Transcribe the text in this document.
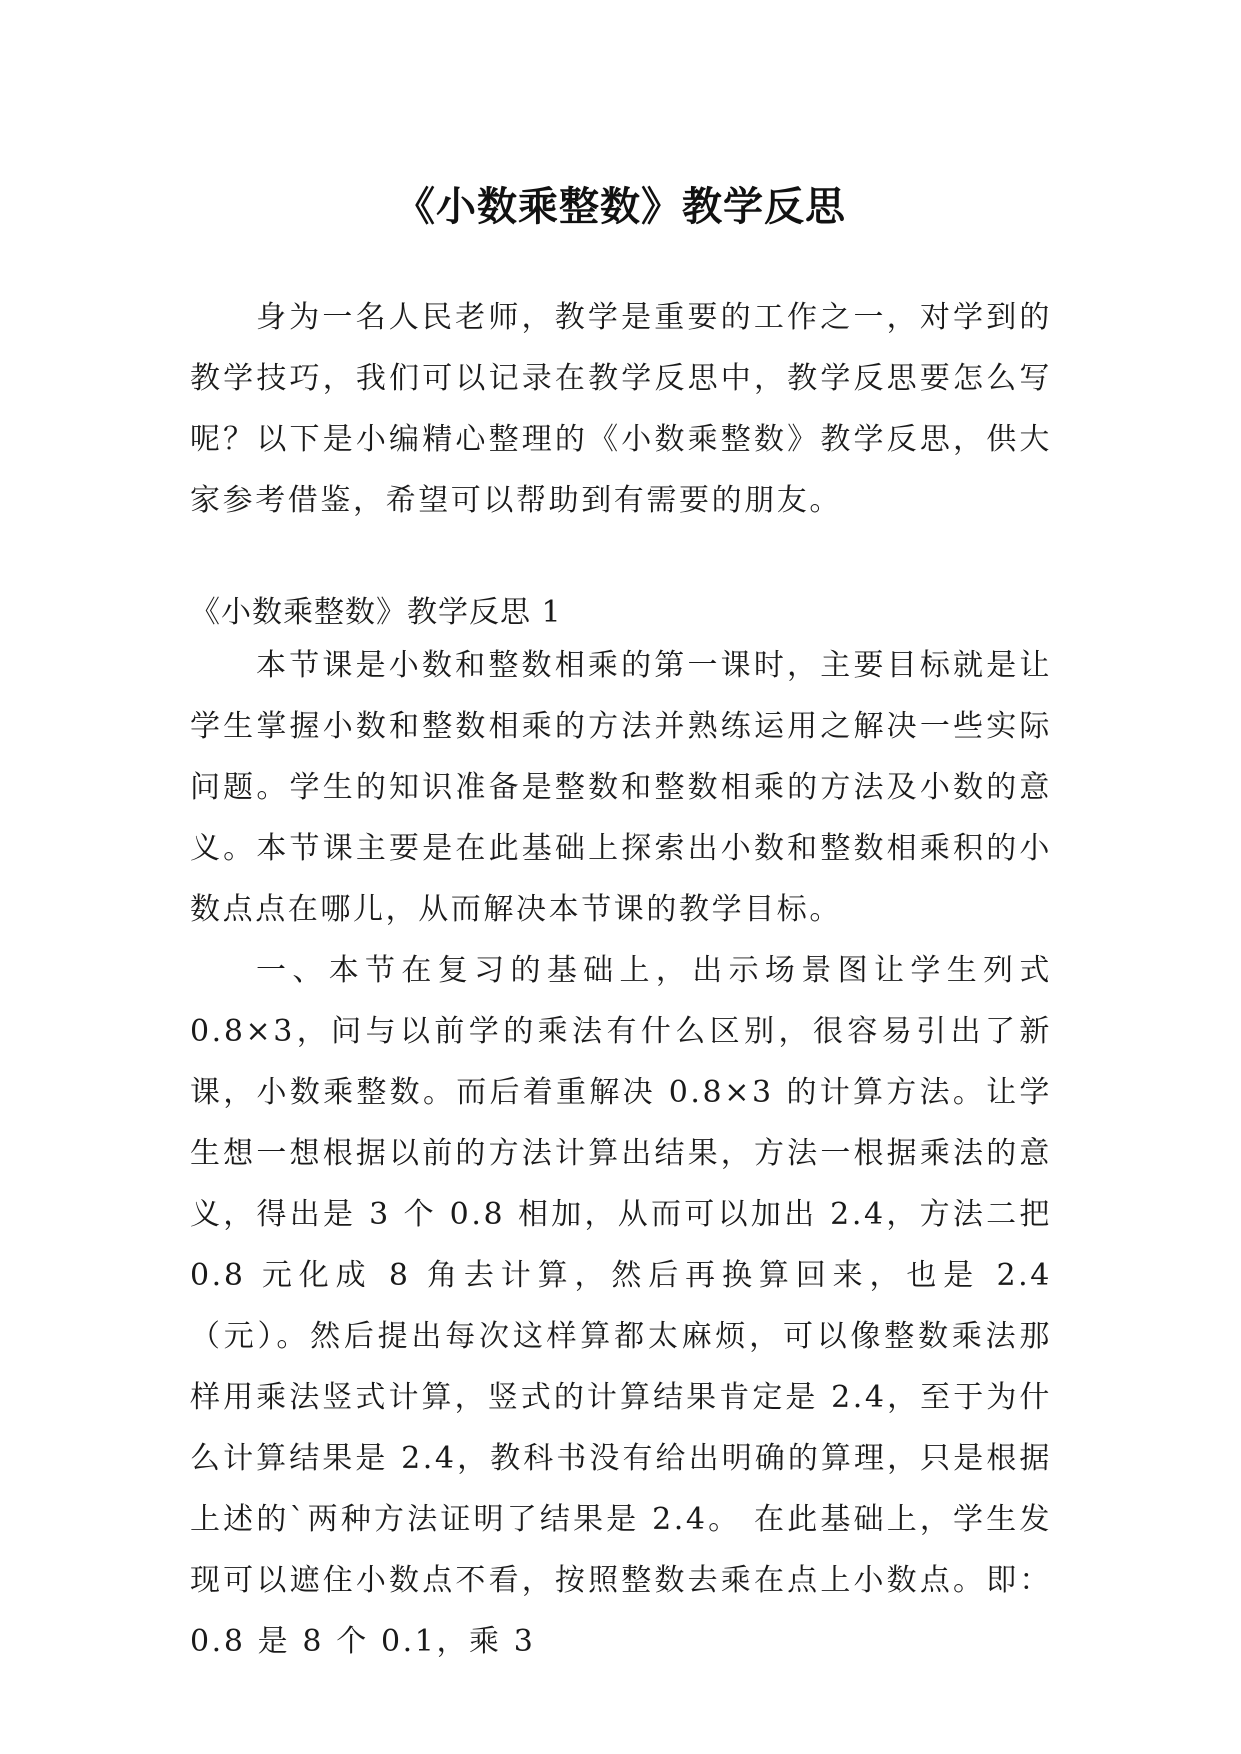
《小数乘整数》教学反思

身为一名人民老师，教学是重要的工作之一，对学到的教学技巧，我们可以记录在教学反思中，教学反思要怎么写呢？以下是小编精心整理的《小数乘整数》教学反思，供大家参考借鉴，希望可以帮助到有需要的朋友。

《小数乘整数》教学反思 1

本节课是小数和整数相乘的第一课时，主要目标就是让学生掌握小数和整数相乘的方法并熟练运用之解决一些实际问题。学生的知识准备是整数和整数相乘的方法及小数的意义。本节课主要是在此基础上探索出小数和整数相乘积的小数点点在哪儿，从而解决本节课的教学目标。

一、本节在复习的基础上，出示场景图让学生列式 0.8×3，问与以前学的乘法有什么区别，很容易引出了新课，小数乘整数。而后着重解决 0.8×3 的计算方法。让学生想一想根据以前的方法计算出结果，方法一根据乘法的意义，得出是 3 个 0.8 相加，从而可以加出 2.4，方法二把 0.8 元化成 8 角去计算，然后再换算回来，也是 2.4（元）。然后提出每次这样算都太麻烦，可以像整数乘法那样用乘法竖式计算，竖式的计算结果肯定是 2.4，至于为什么计算结果是 2.4，教科书没有给出明确的算理，只是根据上述的`两种方法证明了结果是 2.4。 在此基础上，学生发现可以遮住小数点不看，按照整数去乘在点上小数点。即：0.8 是 8 个 0.1，乘 3
